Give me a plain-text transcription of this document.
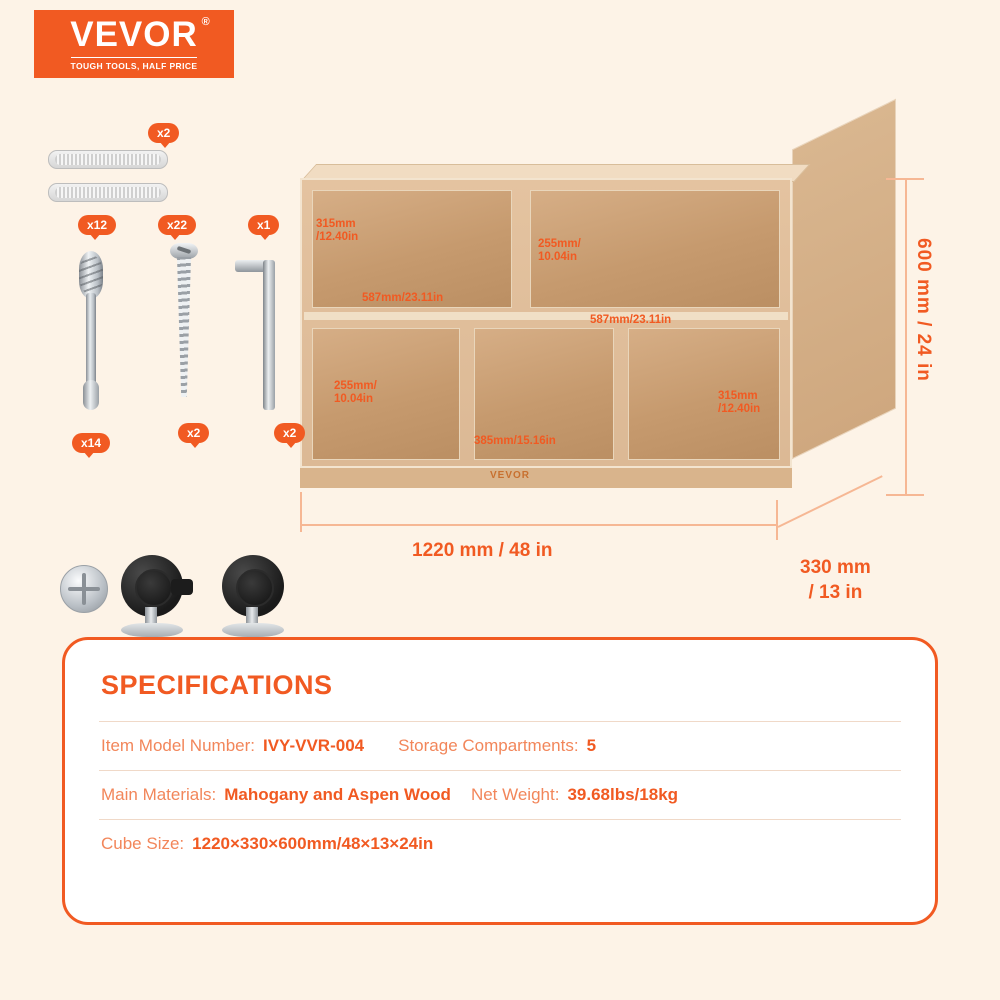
VEVOR ®
TOUGH TOOLS, HALF PRICE
x2
x12	x22	x1
x14
x2	x2
VEVOR
315mm
/12.40in
255mm/
10.04in
587mm/23.11in
587mm/23.11in
255mm/
10.04in
385mm/15.16in
315mm
/12.40in
600 mm / 24 in
1220 mm / 48 in
330 mm
/ 13 in
SPECIFICATIONS
Item Model Number: IVY-VVR-004 Storage Compartments: 5
Main Materials: Mahogany and Aspen Wood Net Weight: 39.68lbs/18kg
Cube Size: 1220×330×600mm/48×13×24in
